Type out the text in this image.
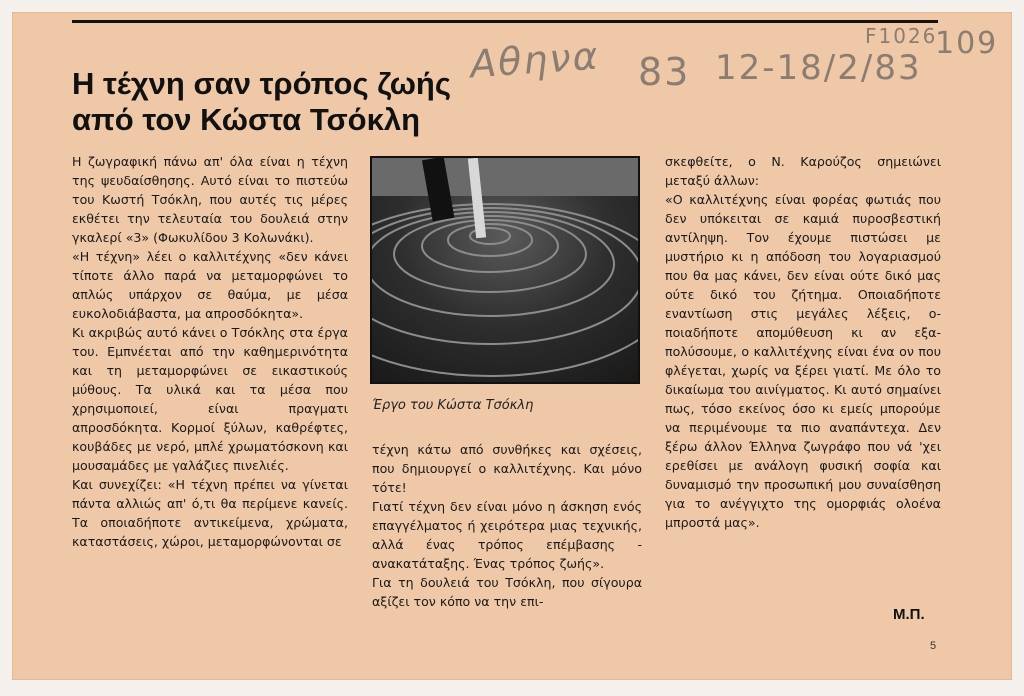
Αθηνα 83 12-18/2/83
F1026
109
Η τέχνη σαν τρόπος ζωής
από τον Κώστα Τσόκλη

Η ζωγραφική πάνω απ' όλα είναι η τέχνη της ψευδαίσθησης. Αυτό είναι το πιστεύω του Κωστή Τσόκλη, που αυτές τις μέρες εκθέτει την τελευταία του δουλειά στην γκαλερί «3» (Φωκυλίδου 3 Κολωνάκι).

«Η τέχνη» λέει ο καλλιτέχνης «δεν κάνει τίποτε άλλο παρά να μεταμορφώνει το απλώς υπάρχον σε θαύμα, με μέσα ευκολοδιάβαστα, μα απροσδόκητα».

Κι ακριβώς αυτό κάνει ο Τσόκλης στα έργα του. Εμπνέεται από την καθημερινότητα και τη μεταμορφώνει σε εικαστικούς μύθους. Τα υλικά και τα μέσα που χρησιμοποιεί, είναι πραγματι απροσδόκητα. Κορμοί ξύλων, καθρέφτες, κουβάδες με νερό, μπλέ χρωματόσκονη και μουσαμάδες με γαλάζιες πινελιές.

Και συνεχίζει: «Η τέχνη πρέπει να γίνεται πάντα αλλιώς απ' ό,τι θα περίμενε κανείς. Τα οποιαδήποτε αντικείμενα, χρώματα, καταστάσεις, χώροι, μεταμορφώνονται σε

Έργο του Κώστα Τσόκλη

τέχνη κάτω από συνθήκες και σχέσεις, που δημιουργεί ο καλλιτέχνης. Και μόνο τότε!

Γιατί τέχνη δεν είναι μόνο η άσκηση ενός επαγγέλματος ή χειρότερα μιας τεχνικής, αλλά ένας τρόπος επέμβασης - ανακατάταξης. Ένας τρόπος ζωής».

Για τη δουλειά του Τσόκλη, που σίγουρα αξίζει τον κόπο να την επι-

σκεφθείτε, ο Ν. Καρούζος σημειώνει μεταξύ άλλων:

«Ο καλλιτέχνης είναι φορέας φωτιάς που δεν υπόκειται σε καμιά πυροσβεστική αντίληψη. Τον έχουμε πιστώσει με μυστήριο κι η απόδοση του λογαριασμού που θα μας κάνει, δεν είναι ούτε δικό μας ούτε δικό του ζήτημα. Οποιαδήποτε εναντίωση στις μεγάλες λέξεις, οποιαδήποτε απομύθευση κι αν εξαπολύσουμε, ο καλλιτέχνης είναι ένα ον που φλέγεται, χωρίς να ξέρει γιατί. Με όλο το δικαίωμα του αινίγματος. Κι αυτό σημαίνει πως, τόσο εκείνος όσο κι εμείς μπορούμε να περιμένουμε τα πιο αναπάντεχα. Δεν ξέρω άλλον Έλληνα ζωγράφο που νά 'χει ερεθίσει με ανάλογη φυσική σοφία και δυναμισμό την προσωπική μου συναίσθηση για το ανέγγιχτο της ομορφιάς ολοένα μπροστά μας».

Μ.Π.
5
